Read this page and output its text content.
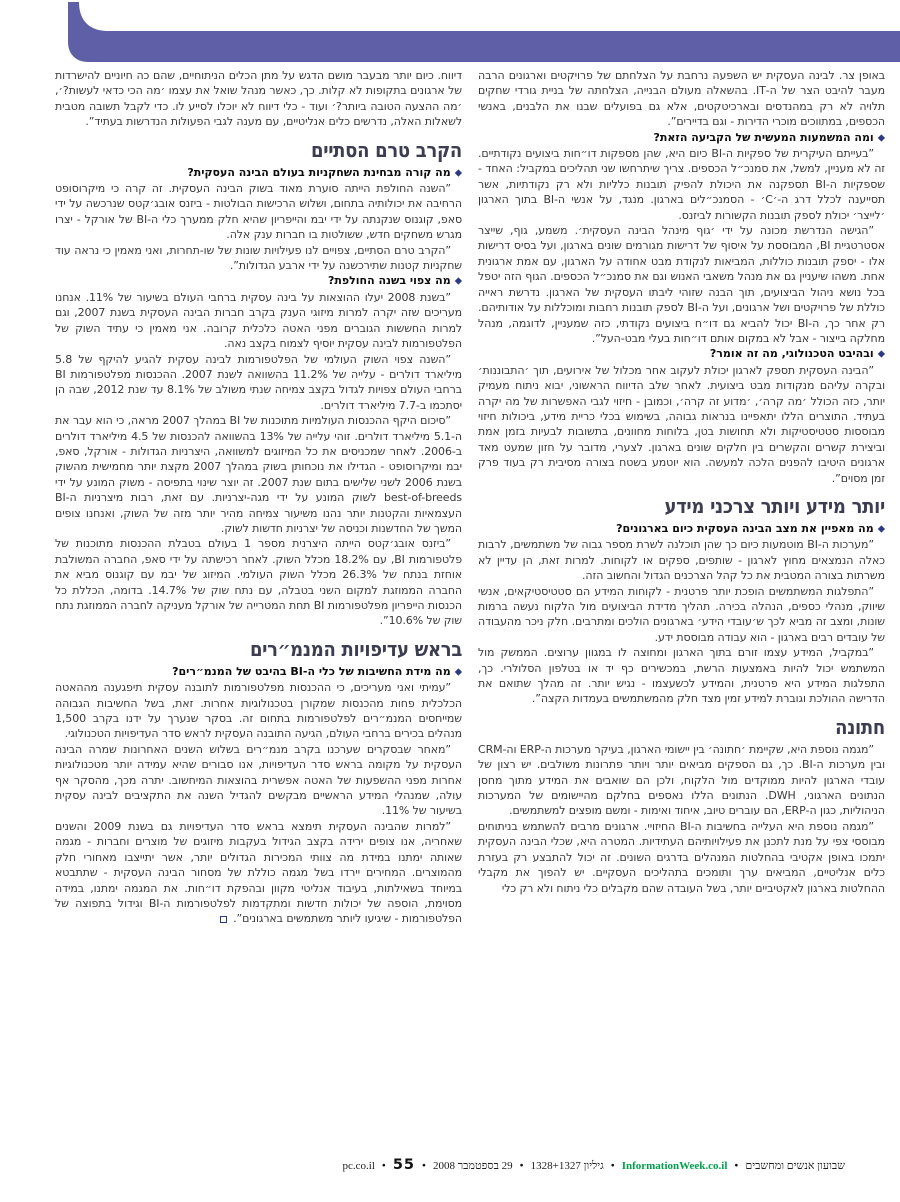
באופן צר. לבינה העסקית יש השפעה נרחבת על הצלחתם של פרויקטים וארגונים הרבה מעבר להיבט הצר של ה-IT. בהשאלה מעולם הבנייה, הצלחתה של בניית גורדי שחקים תלויה לא רק במהנדסים ובארכיטקטים, אלא גם בפועלים שבנו את הלבנים, באנשי הכספים, במתווכים מוכרי הדירות - וגם בדיירים”.

◆ומה המשמעות המעשית של הקביעה הזאת?

”בעייתם העיקרית של ספקיות ה-BI כיום היא, שהן מספקות דו״חות ביצועים נקודתיים. זה לא מעניין, למשל, את סמנכ״ל הכספים. צריך שיתרחשו שני תהליכים במקביל: האחד - שספקיות ה-BI תספקנה את היכולת להפיק תובנות כלליות ולא רק נקודתיות, אשר תסייענה לכלל דרג ה-׳C׳ - הסמנכ״לים בארגון. מנגד, על אנשי ה-BI בתוך הארגון ׳לייצר׳ יכולת לספק תובנות הקשורות לביזנס.

”הגישה הנדרשת מכונה על ידי ׳גוף מינהל הבינה העסקית׳. משמע, גוף, שייצר אסטרטגיית BI, המבוססת על איסוף של דרישות מגורמים שונים בארגון, ועל בסיס דרישות אלו - יספק תובנות כוללות, המביאות לנקודת מבט אחודה על הארגון, עם אמת ארגונית אחת. משהו שיעניין גם את מנהל משאבי האנוש וגם את סמנכ״ל הכספים. הגוף הזה יטפל בכל נושא ניהול הביצועים, תוך הבנה שזוהי ליבתו העסקית של הארגון. נדרשת ראייה כוללת של פרויקטים ושל ארגונים, ועל ה-BI לספק תובנות רחבות ומוכללות על אודותיהם. רק אחר כך, ה-BI יכול להביא גם דו״ח ביצועים נקודתי, כזה שמעניין, לדוגמה, מנהל מחלקה בייצור - אבל לא במקום אותם דו״חות בעלי מבט-העל”.

◆ובהיבט הטכנולוגי, מה זה אומר?

”הבינה העסקית תספק לארגון יכולת לעקוב אחר מכלול של אירועים, תוך ׳התבוננות׳ ובקרה עליהם מנקודות מבט ביצועית. לאחר שלב הדיווח הראשוני, יבוא ניתוח מעמיק יותר, כזה הכולל ׳מה קרה׳, ׳מדוע זה קרה׳, וכמובן - חיזוי לגבי האפשרות של מה יקרה בעתיד. התוצרים הללו יתאפיינו בנראות גבוהה, בשימוש בכלי כריית מידע, ביכולות חיזוי מבוססות סטטיסטיקות ולא תחושות בטן, בלוחות מחוונים, בתשובות לבעיות בזמן אמת וביצירת קשרים והקשרים בין חלקים שונים בארגון. לצערי, מדובר על חזון שמעט מאד ארגונים היטיבו להפנים הלכה למעשה. הוא יוטמע בשטח בצורה מסיבית רק בעוד פרק זמן מסוים”.

יותר מידע ויותר צרכני מידע
◆מה מאפיין את מצב הבינה העסקית כיום בארגונים?

”מערכות ה-BI מוטמעות כיום כך שהן תוכלנה לשרת מספר גבוה של משתמשים, לרבות כאלה הנמצאים מחוץ לארגון - שותפים, ספקים או לקוחות. למרות זאת, הן עדיין לא משרתות בצורה המטבית את כל קהל הצרכנים הגדול והחשוב הזה.

”התפלגות המשתמשים הופכת יותר פרטנית - לקוחות המידע הם סטטיסטיקאים, אנשי שיווק, מנהלי כספים, הנהלה בכירה. תהליך מדידת הביצועים מול הלקוח נעשה ברמות שונות, ומצב זה מביא לכך ש׳עובדי הידע׳ בארגונים הולכים ומתרבים. חלק ניכר מהעבודה של עובדים רבים בארגון - הוא עבודה מבוססת ידע.

”במקביל, המידע עצמו זורם בתוך הארגון ומחוצה לו במגוון ערוצים. הממשק מול המשתמש יכול להיות באמצעות הרשת, במכשירים כף יד או בטלפון הסלולרי. כך, התפלגות המידע היא פרטנית, והמידע לכשעצמו - נגיש יותר. זה מהלך שתואם את הדרישה ההולכת וגוברת למידע זמין מצד חלק מהמשתמשים בעמדות הקצה”.

חתונה

”מגמה נוספת היא, שקיימת ׳חתונה׳ בין יישומי הארגון, בעיקר מערכות ה-ERP וה-CRM ובין מערכות ה-BI. כך, גם הספקים מביאים יותר ויותר פתרונות משולבים. יש רצון של עובדי הארגון להיות ממוקדים מול הלקוח, ולכן הם שואבים את המידע מתוך מחסן הנתונים הארגוני, DWH. הנתונים הללו נאספים בחלקם מהיישומים של המערכות הניהוליות, כגון ה-ERP, הם עוברים טיוב, איחוד ואימות - ומשם מופצים למשתמשים.

”מגמה נוספת היא העלייה בחשיבות ה-BI החיזויי. ארגונים מרבים להשתמש בניתוחים מבוססי צפי על מנת לתכנן את פעילויותיהם העתידיות. המטרה היא, שכלי הבינה העסקית יתמכו באופן אקטיבי בהחלטות המנהלים בדרגים השונים. זה יכול להתבצע רק בעזרת כלים אנליטיים, המביאים ערך ותומכים בתהליכים העסקיים. יש להפוך את מקבלי ההחלטות בארגון לאקטיביים יותר, בשל העובדה שהם מקבלים כלי ניתוח ולא רק כלי

דיווח. כיום יותר מבעבר מושם הדגש על מתן הכלים הניתוחיים, שהם כה חיוניים להישרדות של ארגונים בתקופות לא קלות. כך, כאשר מנהל שואל את עצמו ׳מה הכי כדאי לעשות?׳, ׳מה ההצעה הטובה ביותר?׳ ועוד - כלי דיווח לא יוכלו לסייע לו. כדי לקבל תשובה מטבית לשאלות האלה, נדרשים כלים אנליטיים, עם מענה לגבי הפעולות הנדרשות בעתיד”.

הקרב טרם הסתיים
◆מה קורה מבחינת השחקניות בעולם הבינה העסקית?

”השנה החולפת הייתה סוערת מאוד בשוק הבינה העסקית. זה קרה כי מיקרוסופט הרחיבה את יכולותיה בתחום, ושלוש הרכישות הבולטות - ביזנס אובג׳קטס שנרכשה על ידי סאפ, קוגנוס שנקנתה על ידי יבמ והייפריון שהיא חלק ממערך כלי ה-BI של אורקל - יצרו מגרש משחקים חדש, ששולטות בו חברות ענק אלה.

”הקרב טרם הסתיים, צפויים לנו פעילויות שונות של שו-תחרות, ואני מאמין כי נראה עוד שחקניות קטנות שתירכשנה על ידי ארבע הגדולות”.

◆מה צפוי בשנה החולפת?

”בשנת 2008 יעלו ההוצאות על בינה עסקית ברחבי העולם בשיעור של 11%. אנחנו מעריכים שזה יקרה למרות מיזוגי הענק בקרב חברות הבינה העסקית בשנת 2007, וגם למרות החששות הגוברים מפני האטה כלכלית קרובה. אני מאמין כי עתיד השוק של הפלטפורמות לבינה עסקית יוסיף לצמוח בקצב נאה.

”השנה צפוי השוק העולמי של הפלטפורמות לבינה עסקית להגיע להיקף של 5.8 מיליארד דולרים - עלייה של 11.2% בהשוואה לשנת 2007. ההכנסות מפלטפורמות BI ברחבי העולם צפויות לגדול בקצב צמיחה שנתי משולב של 8.1% עד שנת 2012, שבה הן יסתכמו ב-7.7 מיליארד דולרים.

”סיכום היקף ההכנסות העולמיות מתוכנות של BI במהלך 2007 מראה, כי הוא עבר את ה-5.1 מיליארד דולרים. זוהי עלייה של 13% בהשוואה להכנסות של 4.5 מיליארד דולרים ב-2006. לאחר שמכניסים את כל המיזוגים למשוואה, היצרניות הגדולות - אורקל, סאפ, יבמ ומיקרוסופט - הגדילו את נוכחותן בשוק במהלך 2007 מקצת יותר מחמישית מהשוק בשנת 2006 לשני שלישים בתום שנת 2007. זה יוצר שינוי בתפיסה - משוק המונע על ידי best-of-breeds לשוק המונע על ידי מגה-יצרניות. עם זאת, רבות מיצרניות ה-BI העצמאיות והקטנות יותר נהנו משיעור צמיחה מהיר יותר מזה של השוק, ואנחנו צופים המשך של החדשנות וכניסה של יצרניות חדשות לשוק.

”ביזנס אובג׳קטס הייתה היצרנית מספר 1 בעולם בטבלת ההכנסות מתוכנות של פלטפורמות BI, עם 18.2% מכלל השוק. לאחר רכישתה על ידי סאפ, החברה המשולבת אוחזת בנתח של 26.3% מכלל השוק העולמי. המיזוג של יבמ עם קוגנוס מביא את החברה הממוזגת למקום השני בטבלה, עם נתח שוק של 14.7%. בדומה, הכללת כל הכנסות הייפריון מפלטפורמות BI תחת המטרייה של אורקל מעניקה לחברה הממוזגת נתח שוק של 10.6%”.

בראש עדיפויות המנמ״רים
◆מה מידת החשיבות של כלי ה-BI בהיבט של המנמ״רים?

”עמיתי ואני מעריכים, כי ההכנסות מפלטפורמות לתובנה עסקית תיפגענה מההאטה הכלכלית פחות מהכנסות שמקורן בטכנולוגיות אחרות. זאת, בשל החשיבות הגבוהה שמייחסים המנמ״רים לפלטפורמות בתחום זה. בסקר שנערך על ידנו בקרב 1,500 מנהלים בכירים ברחבי העולם, הגיעה התובנה העסקית לראש סדר העדיפויות הטכנולוגי.

”מאחר שבסקרים שערכנו בקרב מנמ״רים בשלוש השנים האחרונות שמרה הבינה העסקית על מקומה בראש סדר העדיפויות, אנו סבורים שהיא עמידה יותר מטכנולוגיות אחרות מפני ההשפעות של האטה אפשרית בהוצאות המיחשוב. יתרה מכך, מהסקר אף עולה, שמנהלי המידע הראשיים מבקשים להגדיל השנה את התקציבים לבינה עסקית בשיעור של 11%.

”למרות שהבינה העסקית תימצא בראש סדר העדיפויות גם בשנת 2009 והשנים שאחריה, אנו צופים ירידה בקצב הגידול בעקבות מיזוגים של מוצרים וחברות - מגמה שאותה ימתנו במידת מה צוותי המכירות הגדולים יותר, אשר יתייצבו מאחורי חלק מהמוצרים. המחירים יירדו בשל מגמה כוללת של מסחור הבינה העסקית - שתתבטא במיוחד בשאילתות, בעיבוד אנליטי מקוון ובהפקת דו״חות. את המגמה ימתנו, במידה מסוימת, הוספה של יכולות חדשות ומתקדמות לפלטפורמות ה-BI וגידול בתפוצה של הפלטפורמות - שיגיעו ליותר משתמשים בארגונים”.

שבועון אנשים ומחשבים●InformationWeek.co.il●גיליון 1328+1327●29 בספטמבר 2008●pc.co.il ● 55
